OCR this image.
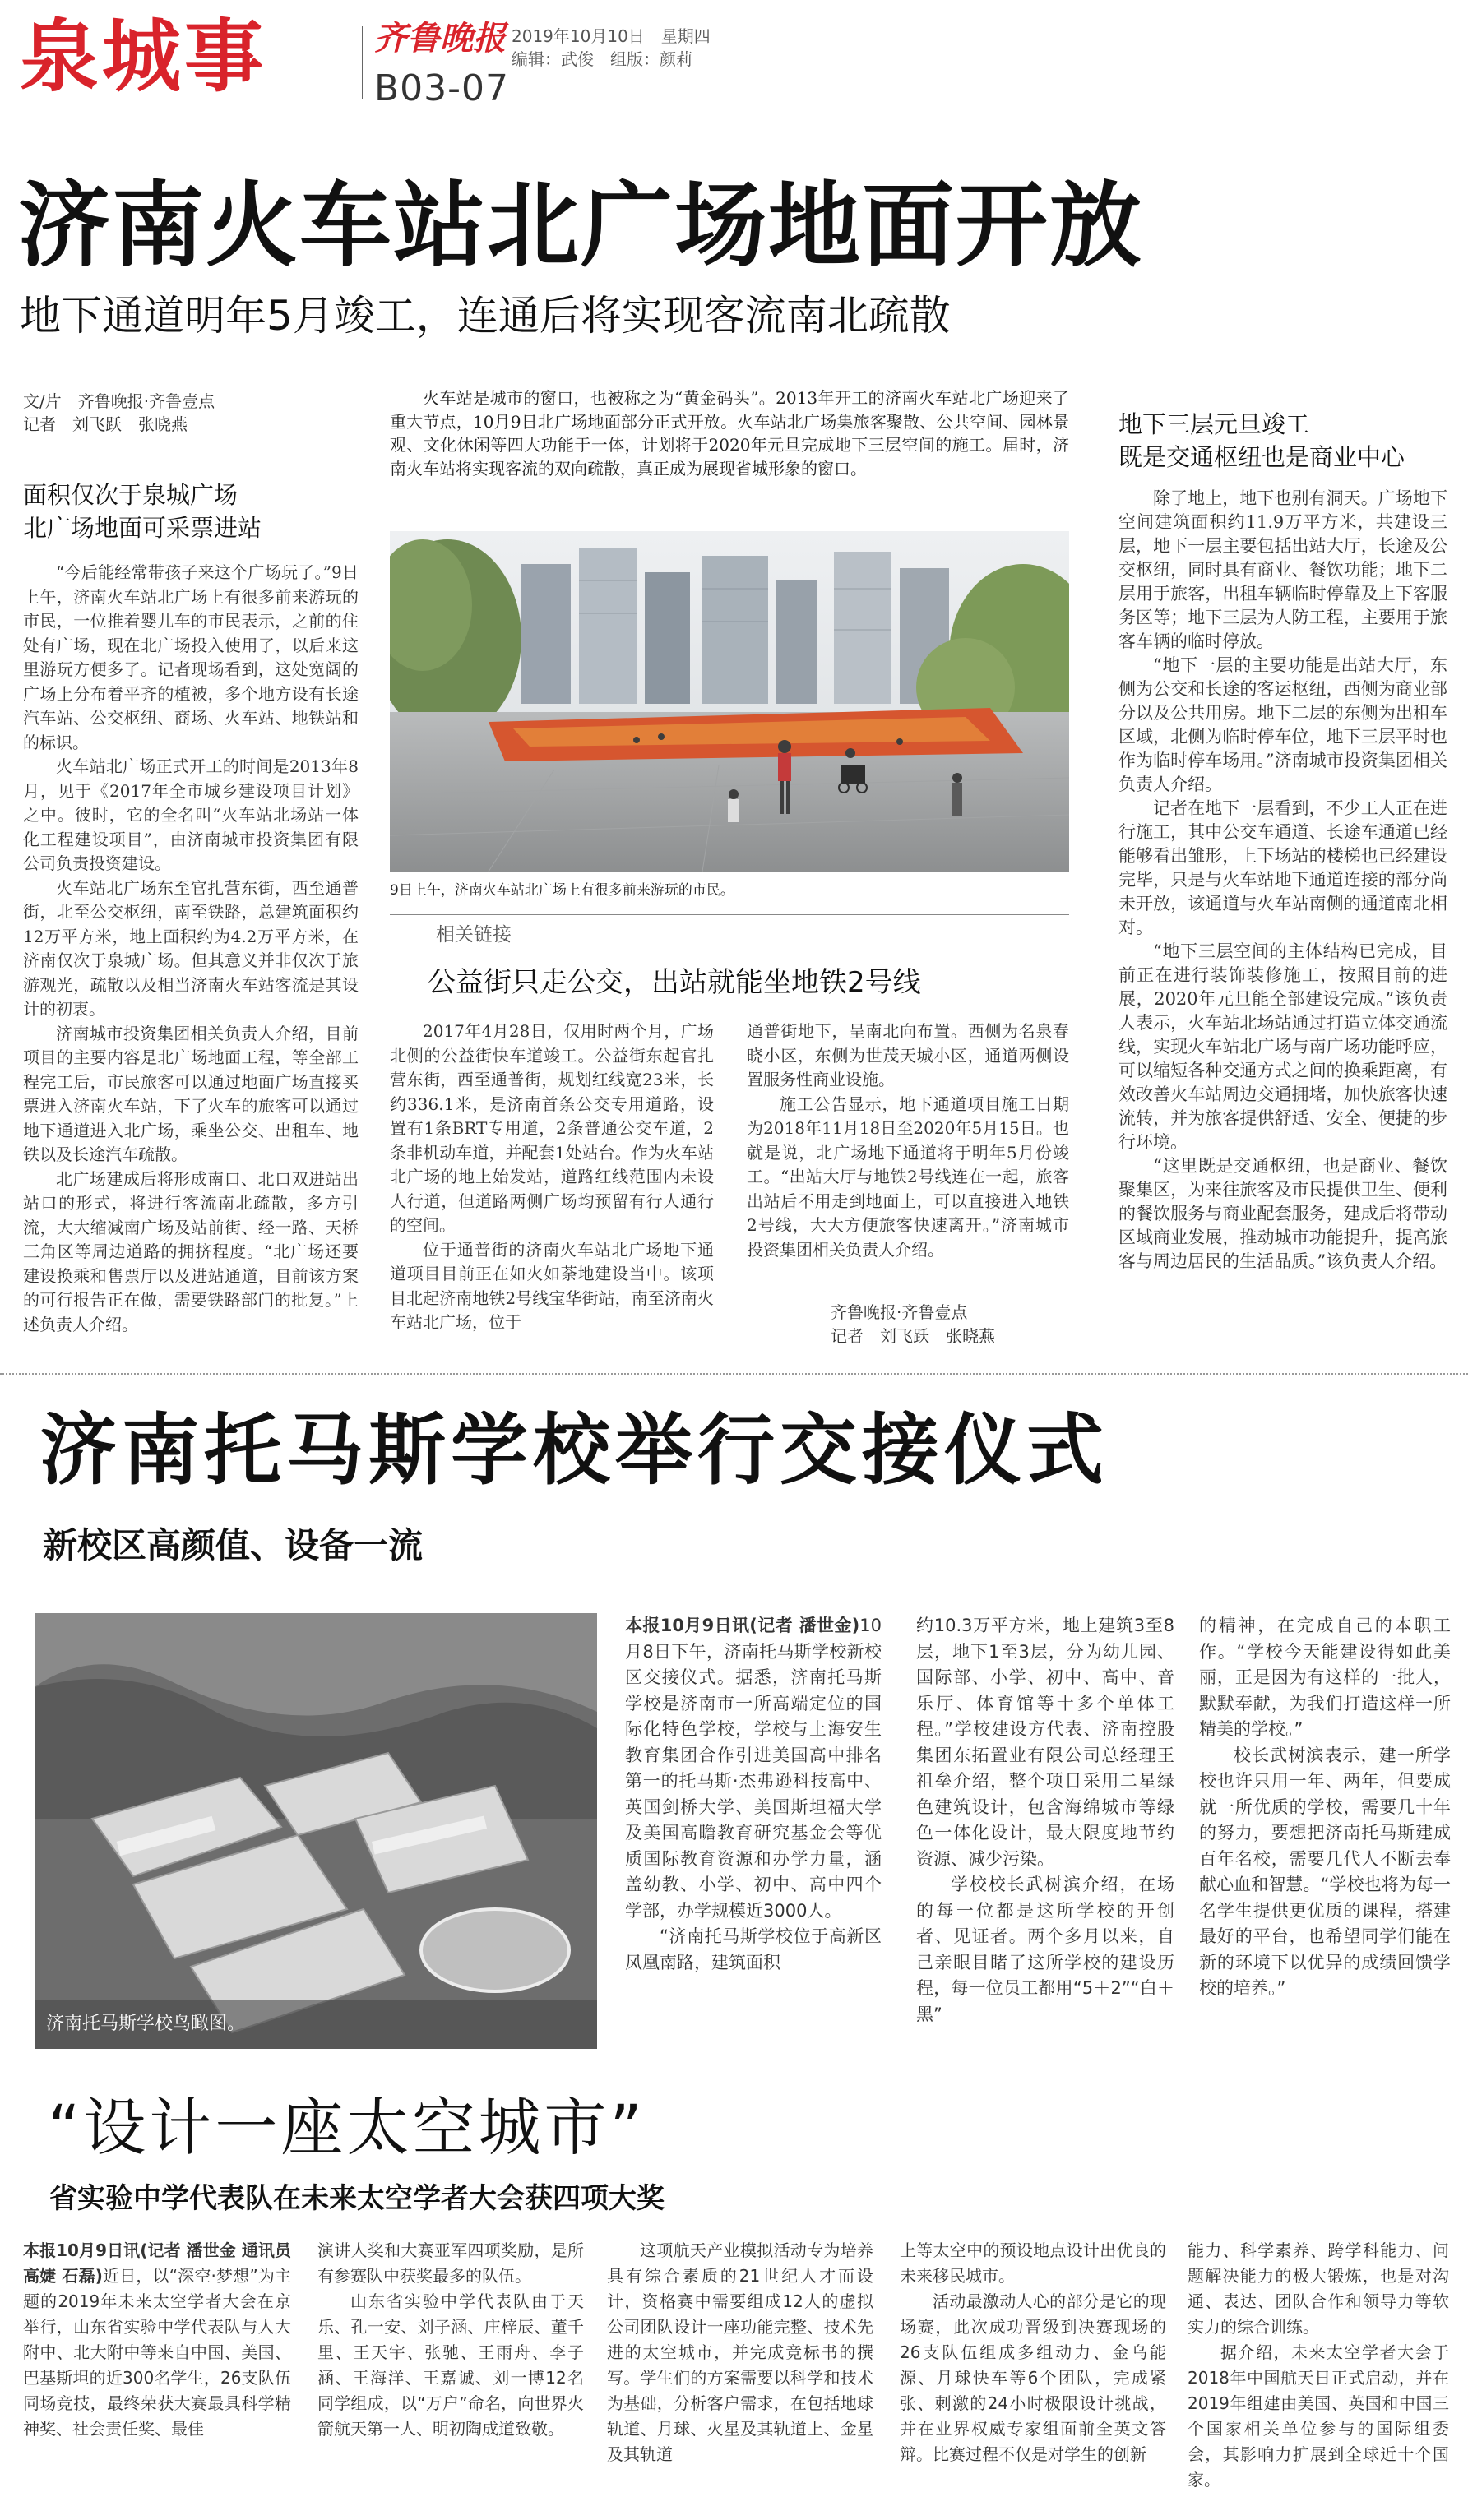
泉城事	齐鲁晚报 2019年10月10日　 星期四
编辑：武俊　组版：颜莉
B03-07
济南火车站北广场地面开放
地下通道明年5月竣工，连通后将实现客流南北疏散
文/片　齐鲁晚报·齐鲁壹点
记者　刘飞跃　张晓燕
面积仅次于泉城广场
北广场地面可采票进站

“今后能经常带孩子来这个广场玩了。”9日上午，济南火车站北广场上有很多前来游玩的市民，一位推着婴儿车的市民表示，之前的住处有广场，现在北广场投入使用了，以后来这里游玩方便多了。记者现场看到，这处宽阔的广场上分布着平齐的植被，多个地方设有长途汽车站、公交枢纽、商场、火车站、地铁站和的标识。

火车站北广场正式开工的时间是2013年8月，见于《2017年全市城乡建设项目计划》之中。彼时，它的全名叫“火车站北场站一体化工程建设项目”，由济南城市投资集团有限公司负责投资建设。

火车站北广场东至官扎营东街，西至通普街，北至公交枢纽，南至铁路，总建筑面积约12万平方米，地上面积约为4.2万平方米，在济南仅次于泉城广场。但其意义并非仅次于旅游观光，疏散以及相当济南火车站客流是其设计的初衷。

济南城市投资集团相关负责人介绍，目前项目的主要内容是北广场地面工程，等全部工程完工后，市民旅客可以通过地面广场直接买票进入济南火车站，下了火车的旅客可以通过地下通道进入北广场，乘坐公交、出租车、地铁以及长途汽车疏散。

北广场建成后将形成南口、北口双进站出站口的形式，将进行客流南北疏散，多方引流，大大缩减南广场及站前街、经一路、天桥三角区等周边道路的拥挤程度。“北广场还要建设换乘和售票厅以及进站通道，目前该方案的可行报告正在做，需要铁路部门的批复。”上述负责人介绍。

火车站是城市的窗口，也被称之为“黄金码头”。2013年开工的济南火车站北广场迎来了重大节点，10月9日北广场地面部分正式开放。火车站北广场集旅客聚散、公共空间、园林景观、文化休闲等四大功能于一体，计划将于2020年元旦完成地下三层空间的施工。届时，济南火车站将实现客流的双向疏散，真正成为展现省城形象的窗口。

9日上午，济南火车站北广场上有很多前来游玩的市民。
相关链接
公益街只走公交，出站就能坐地铁2号线

2017年4月28日，仅用时两个月，广场北侧的公益街快车道竣工。公益街东起官扎营东街，西至通普街，规划红线宽23米，长约336.1米，是济南首条公交专用道路，设置有1条BRT专用道，2条普通公交车道，2条非机动车道，并配套1处站台。作为火车站北广场的地上始发站，道路红线范围内未设人行道，但道路两侧广场均预留有行人通行的空间。

位于通普街的济南火车站北广场地下通道项目目前正在如火如荼地建设当中。该项目北起济南地铁2号线宝华街站，南至济南火车站北广场，位于

通普街地下，呈南北向布置。西侧为名泉春晓小区，东侧为世茂天城小区，通道两侧设置服务性商业设施。

施工公告显示，地下通道项目施工日期为2018年11月18日至2020年5月15日。也就是说，北广场地下通道将于明年5月份竣工。“出站大厅与地铁2号线连在一起，旅客出站后不用走到地面上，可以直接进入地铁2号线，大大方便旅客快速离开。”济南城市投资集团相关负责人介绍。

齐鲁晚报·齐鲁壹点
记者　刘飞跃　张晓燕
地下三层元旦竣工
既是交通枢纽也是商业中心

除了地上，地下也别有洞天。广场地下空间建筑面积约11.9万平方米，共建设三层，地下一层主要包括出站大厅，长途及公交枢纽，同时具有商业、餐饮功能；地下二层用于旅客，出租车辆临时停靠及上下客服务区等；地下三层为人防工程，主要用于旅客车辆的临时停放。

“地下一层的主要功能是出站大厅，东侧为公交和长途的客运枢纽，西侧为商业部分以及公共用房。地下二层的东侧为出租车区域，北侧为临时停车位，地下三层平时也作为临时停车场用。”济南城市投资集团相关负责人介绍。

记者在地下一层看到，不少工人正在进行施工，其中公交车通道、长途车通道已经能够看出雏形，上下场站的楼梯也已经建设完毕，只是与火车站地下通道连接的部分尚未开放，该通道与火车站南侧的通道南北相对。

“地下三层空间的主体结构已完成，目前正在进行装饰装修施工，按照目前的进展，2020年元旦能全部建设完成。”该负责人表示，火车站北场站通过打造立体交通流线，实现火车站北广场与南广场功能呼应，可以缩短各种交通方式之间的换乘距离，有效改善火车站周边交通拥堵，加快旅客快速流转，并为旅客提供舒适、安全、便捷的步行环境。

“这里既是交通枢纽，也是商业、餐饮聚集区，为来往旅客及市民提供卫生、便利的餐饮服务与商业配套服务，建成后将带动区域商业发展，推动城市功能提升，提高旅客与周边居民的生活品质。”该负责人介绍。

济南托马斯学校举行交接仪式
新校区高颜值、设备一流
济南托马斯学校鸟瞰图。
本报10月9日讯(记者 潘世金)10月8日下午，济南托马斯学校新校区交接仪式。据悉，济南托马斯学校是济南市一所高端定位的国际化特色学校，学校与上海安生教育集团合作引进美国高中排名第一的托马斯·杰弗逊科技高中、英国剑桥大学、美国斯坦福大学及美国高瞻教育研究基金会等优质国际教育资源和办学力量，涵盖幼教、小学、初中、高中四个学部，办学规模近3000人。
“济南托马斯学校位于高新区凤凰南路，建筑面积
约10.3万平方米，地上建筑3至8层，地下1至3层，分为幼儿园、国际部、小学、初中、高中、音乐厅、体育馆等十多个单体工程。”学校建设方代表、济南控股集团东拓置业有限公司总经理王祖垒介绍，整个项目采用二星绿色建筑设计，包含海绵城市等绿色一体化设计，最大限度地节约资源、减少污染。
学校校长武树滨介绍，在场的每一位都是这所学校的开创者、见证者。两个多月以来，自己亲眼目睹了这所学校的建设历程，每一位员工都用“5＋2”“白＋黑”
的精神，在完成自己的本职工作。“学校今天能建设得如此美丽，正是因为有这样的一批人，默默奉献，为我们打造这样一所精美的学校。”
校长武树滨表示，建一所学校也许只用一年、两年，但要成就一所优质的学校，需要几十年的努力，要想把济南托马斯建成百年名校，需要几代人不断去奉献心血和智慧。“学校也将为每一名学生提供更优质的课程，搭建最好的平台，也希望同学们能在新的环境下以优异的成绩回馈学校的培养。”
“设计一座太空城市”
省实验中学代表队在未来太空学者大会获四项大奖
本报10月9日讯(记者 潘世金 通讯员 高婕 石磊)近日，以“深空·梦想”为主题的2019年未来太空学者大会在京举行，山东省实验中学代表队与人大附中、北大附中等来自中国、美国、巴基斯坦的近300名学生，26支队伍同场竞技，最终荣获大赛最具科学精神奖、社会责任奖、最佳
演讲人奖和大赛亚军四项奖励，是所有参赛队中获奖最多的队伍。
山东省实验中学代表队由于天乐、孔一安、刘子涵、庄梓辰、董千里、王天宇、张驰、王雨舟、李子涵、王海洋、王嘉诚、刘一博12名同学组成，以“万户”命名，向世界火箭航天第一人、明初陶成道致敬。
这项航天产业模拟活动专为培养具有综合素质的21世纪人才而设计，资格赛中需要组成12人的虚拟公司团队设计一座功能完整、技术先进的太空城市，并完成竞标书的撰写。学生们的方案需要以科学和技术为基础，分析客户需求，在包括地球轨道、月球、火星及其轨道上、金星及其轨道
上等太空中的预设地点设计出优良的未来移民城市。
活动最激动人心的部分是它的现场赛，此次成功晋级到决赛现场的26支队伍组成多组动力、金乌能源、月球快车等6个团队，完成紧张、刺激的24小时极限设计挑战，并在业界权威专家组面前全英文答辩。比赛过程不仅是对学生的创新
能力、科学素养、跨学科能力、问题解决能力的极大锻炼，也是对沟通、表达、团队合作和领导力等软实力的综合训练。
据介绍，未来太空学者大会于2018年中国航天日正式启动，并在2019年组建由美国、英国和中国三个国家相关单位参与的国际组委会，其影响力扩展到全球近十个国家。
